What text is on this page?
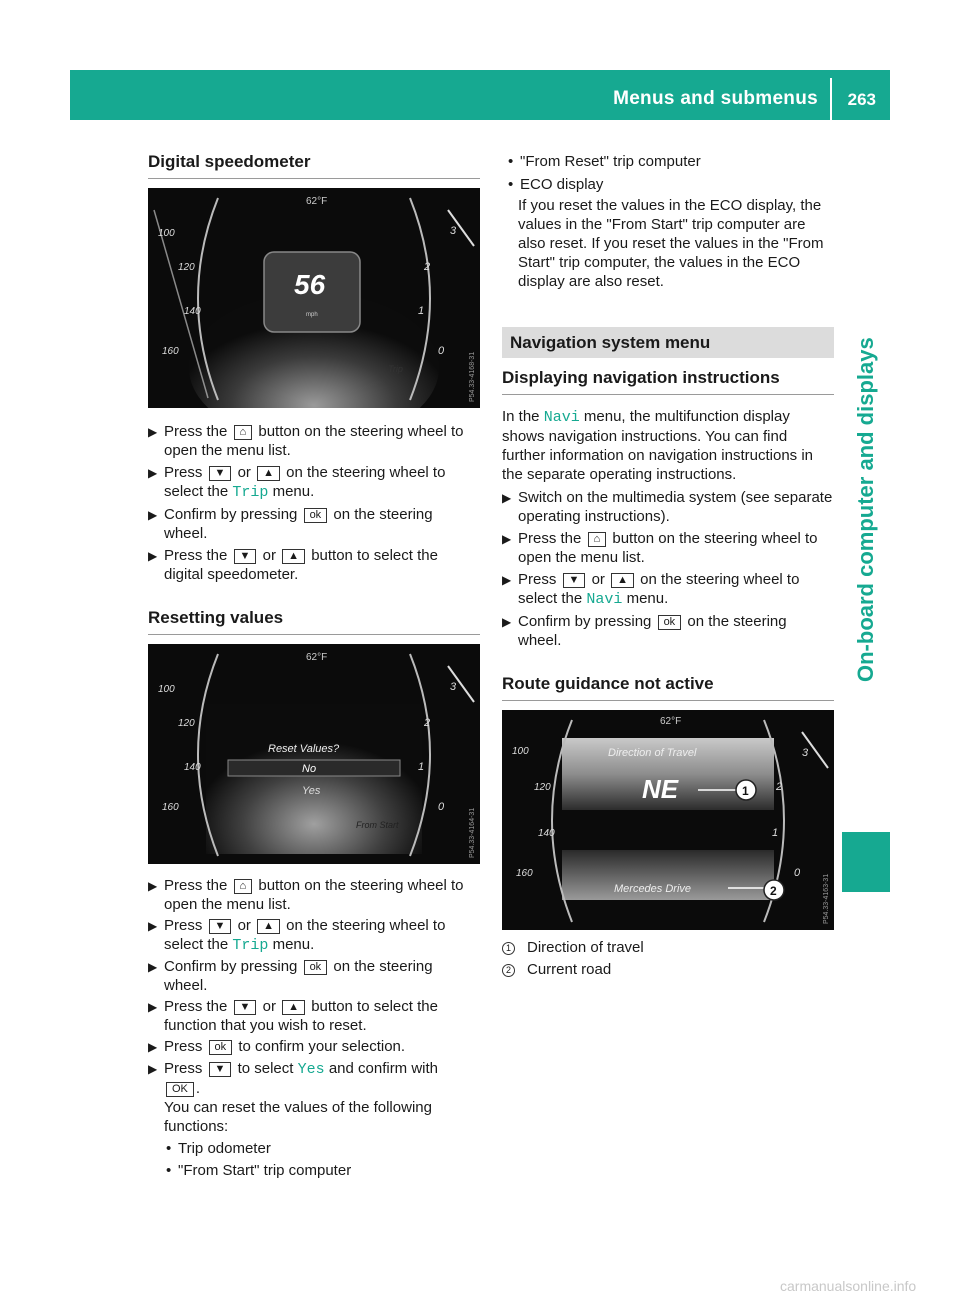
Menus and submenus 263
On-board computer and displays

Digital speedometer

100
120
140
160
3
2
1
0
62°F
56
mph
Trip	P54.33-4168-31
▶ Press the ⌂ button on the steering wheel to open the menu list.
▶ Press ▼ or ▲ on the steering wheel to select the Trip menu.
▶ Confirm by pressing ok on the steering wheel.
▶ Press the ▼ or ▲ button to select the digital speedometer.

Resetting values

100
120
140
160
3
2
1
0
62°F
Reset Values?
No
Yes
From Start	P54.33-4164-31
▶ Press the ⌂ button on the steering wheel to open the menu list.
▶ Press ▼ or ▲ on the steering wheel to select the Trip menu.
▶ Confirm by pressing ok on the steering wheel.
▶ Press the ▼ or ▲ button to select the function that you wish to reset.
▶ Press ok to confirm your selection.
▶ Press ▼ to select Yes and confirm with
OK .
You can reset the values of the following functions:
• Trip odometer
• "From Start" trip computer
• "From Reset" trip computer
• ECO display
If you reset the values in the ECO display, the values in the "From Start" trip computer are also reset. If you reset the values in the "From Start" trip computer, the values in the ECO display are also reset.
Navigation system menu

Displaying navigation instructions

In the Navi menu, the multifunction display shows navigation instructions. You can find further information on navigation instructions in the separate operating instructions.
▶ Switch on the multimedia system (see separate operating instructions).
▶ Press the ⌂ button on the steering wheel to open the menu list.
▶ Press ▼ or ▲ on the steering wheel to select the Navi menu.
▶ Confirm by pressing ok on the steering wheel.

Route guidance not active

100
120
140
160
3
2
1
0
62°F
Direction of Travel
NE	1
Mercedes Drive	2	P54.33-4163-31
1 Direction of travel
2 Current road
carmanualsonline.info
